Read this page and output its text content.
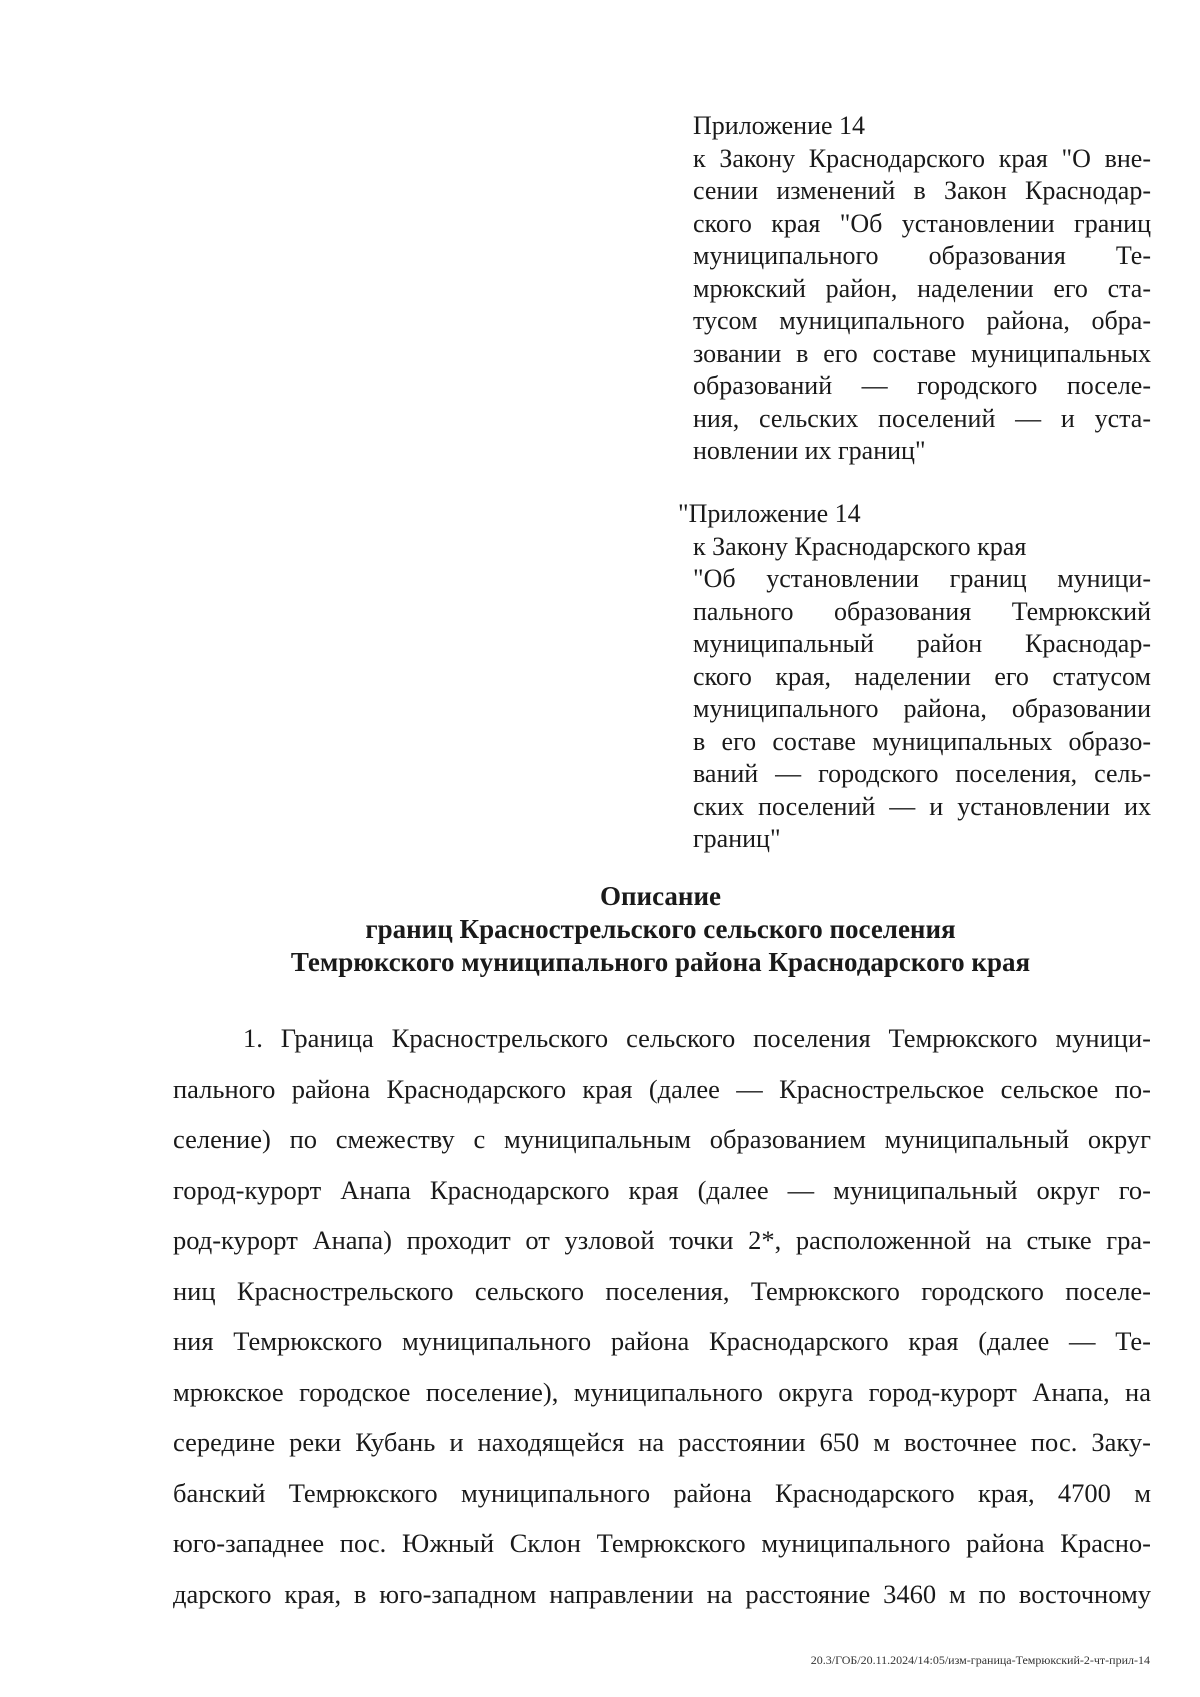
Приложение 14
к Закону Краснодарского края "О вне-
сении изменений в Закон Краснодар-
ского края "Об установлении границ
муниципального образования Те-
мрюкский район, наделении его ста-
тусом муниципального района, обра-
зовании в его составе муниципальных
образований — городского поселе-
ния, сельских поселений — и уста-
новлении их границ"
"Приложение 14
к Закону Краснодарского края
"Об установлении границ муници-
пального образования Темрюкский
муниципальный район Краснодар-
ского края, наделении его статусом
муниципального района, образовании
в его составе муниципальных образо-
ваний — городского поселения, сель-
ских поселений — и установлении их
границ"
Описание
границ Краснострельского сельского поселения
Темрюкского муниципального района Краснодарского края
1. Граница Краснострельского сельского поселения Темрюкского муници-
пального района Краснодарского края (далее — Краснострельское сельское по-
селение) по смежеству с муниципальным образованием муниципальный округ
город-курорт Анапа Краснодарского края (далее — муниципальный округ го-
род-курорт Анапа) проходит от узловой точки 2*, расположенной на стыке гра-
ниц Краснострельского сельского поселения, Темрюкского городского поселе-
ния Темрюкского муниципального района Краснодарского края (далее — Те-
мрюкское городское поселение), муниципального округа город-курорт Анапа, на
середине реки Кубань и находящейся на расстоянии 650 м восточнее пос. Заку-
банский Темрюкского муниципального района Краснодарского края, 4700 м
юго-западнее пос. Южный Склон Темрюкского муниципального района Красно-
дарского края, в юго-западном направлении на расстояние 3460 м по восточному
20.3/ГОБ/20.11.2024/14:05/изм-граница-Темрюкский-2-чт-прил-14
